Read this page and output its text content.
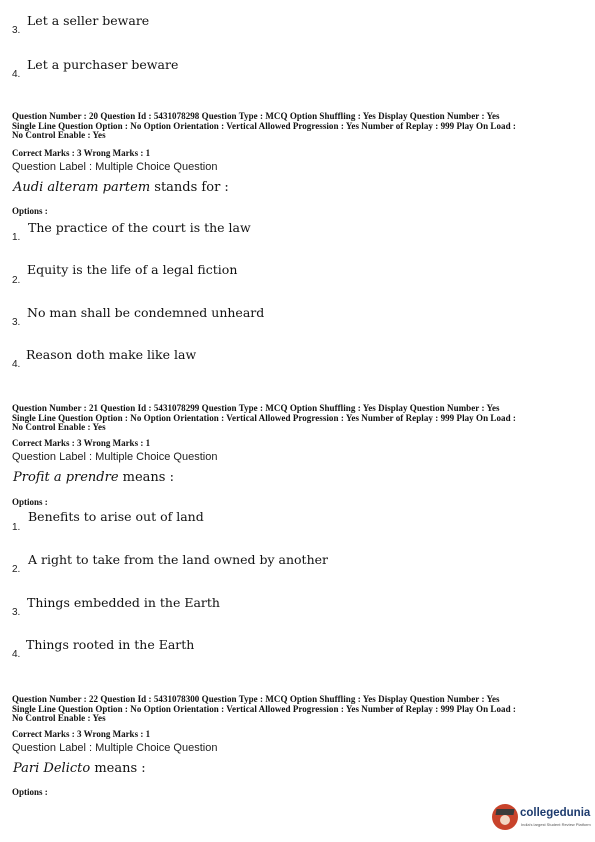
3.
Let a seller beware
4.
Let a purchaser beware
Question Number : 20 Question Id : 5431078298 Question Type : MCQ Option Shuffling : Yes Display Question Number : Yes
Single Line Question Option : No Option Orientation : Vertical Allowed Progression : Yes Number of Replay : 999 Play On Load :
No Control Enable : Yes
Correct Marks : 3 Wrong Marks : 1
Question Label : Multiple Choice Question
Audi alteram partem stands for :
Options :
1.
The practice of the court is the law
2.
Equity is the life of a legal fiction
3.
No man shall be condemned unheard
4.
Reason doth make like law
Question Number : 21 Question Id : 5431078299 Question Type : MCQ Option Shuffling : Yes Display Question Number : Yes
Single Line Question Option : No Option Orientation : Vertical Allowed Progression : Yes Number of Replay : 999 Play On Load :
No Control Enable : Yes
Correct Marks : 3 Wrong Marks : 1
Question Label : Multiple Choice Question
Profit a prendre means :
Options :
1.
Benefits to arise out of land
2.
A right to take from the land owned by another
3.
Things embedded in the Earth
4.
Things rooted in the Earth
Question Number : 22 Question Id : 5431078300 Question Type : MCQ Option Shuffling : Yes Display Question Number : Yes
Single Line Question Option : No Option Orientation : Vertical Allowed Progression : Yes Number of Replay : 999 Play On Load :
No Control Enable : Yes
Correct Marks : 3 Wrong Marks : 1
Question Label : Multiple Choice Question
Pari Delicto means :
Options :
collegedunia
India's largest Student Review Platform
